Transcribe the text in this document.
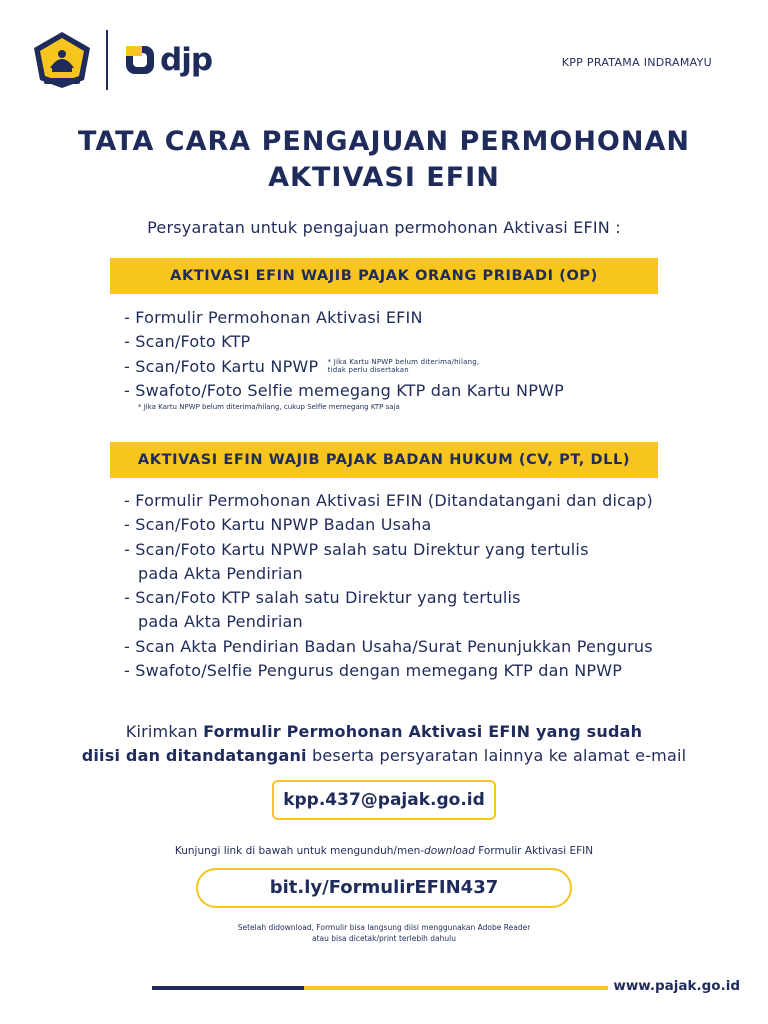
djp	KPP PRATAMA INDRAMAYU
TATA CARA PENGAJUAN PERMOHONAN
AKTIVASI EFIN
Persyaratan untuk pengajuan permohonan Aktivasi EFIN :
AKTIVASI EFIN WAJIB PAJAK ORANG PRIBADI (OP)
- Formulir Permohonan Aktivasi EFIN
- Scan/Foto KTP
- Scan/Foto Kartu NPWP * Jika Kartu NPWP belum diterima/hilang,
tidak perlu disertakan
- Swafoto/Foto Selfie memegang KTP dan Kartu NPWP
* Jika Kartu NPWP belum diterima/hilang, cukup Selfie memegang KTP saja
AKTIVASI EFIN WAJIB PAJAK BADAN HUKUM (CV, PT, DLL)
- Formulir Permohonan Aktivasi EFIN (Ditandatangani dan dicap)
- Scan/Foto Kartu NPWP Badan Usaha
- Scan/Foto Kartu NPWP salah satu Direktur yang tertulis
pada Akta Pendirian
- Scan/Foto KTP salah satu Direktur yang tertulis
pada Akta Pendirian
- Scan Akta Pendirian Badan Usaha/Surat Penunjukkan Pengurus
- Swafoto/Selfie Pengurus dengan memegang KTP dan NPWP
Kirimkan Formulir Permohonan Aktivasi EFIN yang sudah
diisi dan ditandatangani beserta persyaratan lainnya ke alamat e-mail
kpp.437@pajak.go.id
Kunjungi link di bawah untuk mengunduh/men-download Formulir Aktivasi EFIN
bit.ly/FormulirEFIN437
Setelah didownload, Formulir bisa langsung diisi menggunakan Adobe Reader
atau bisa dicetak/print terlebih dahulu
www.pajak.go.id
